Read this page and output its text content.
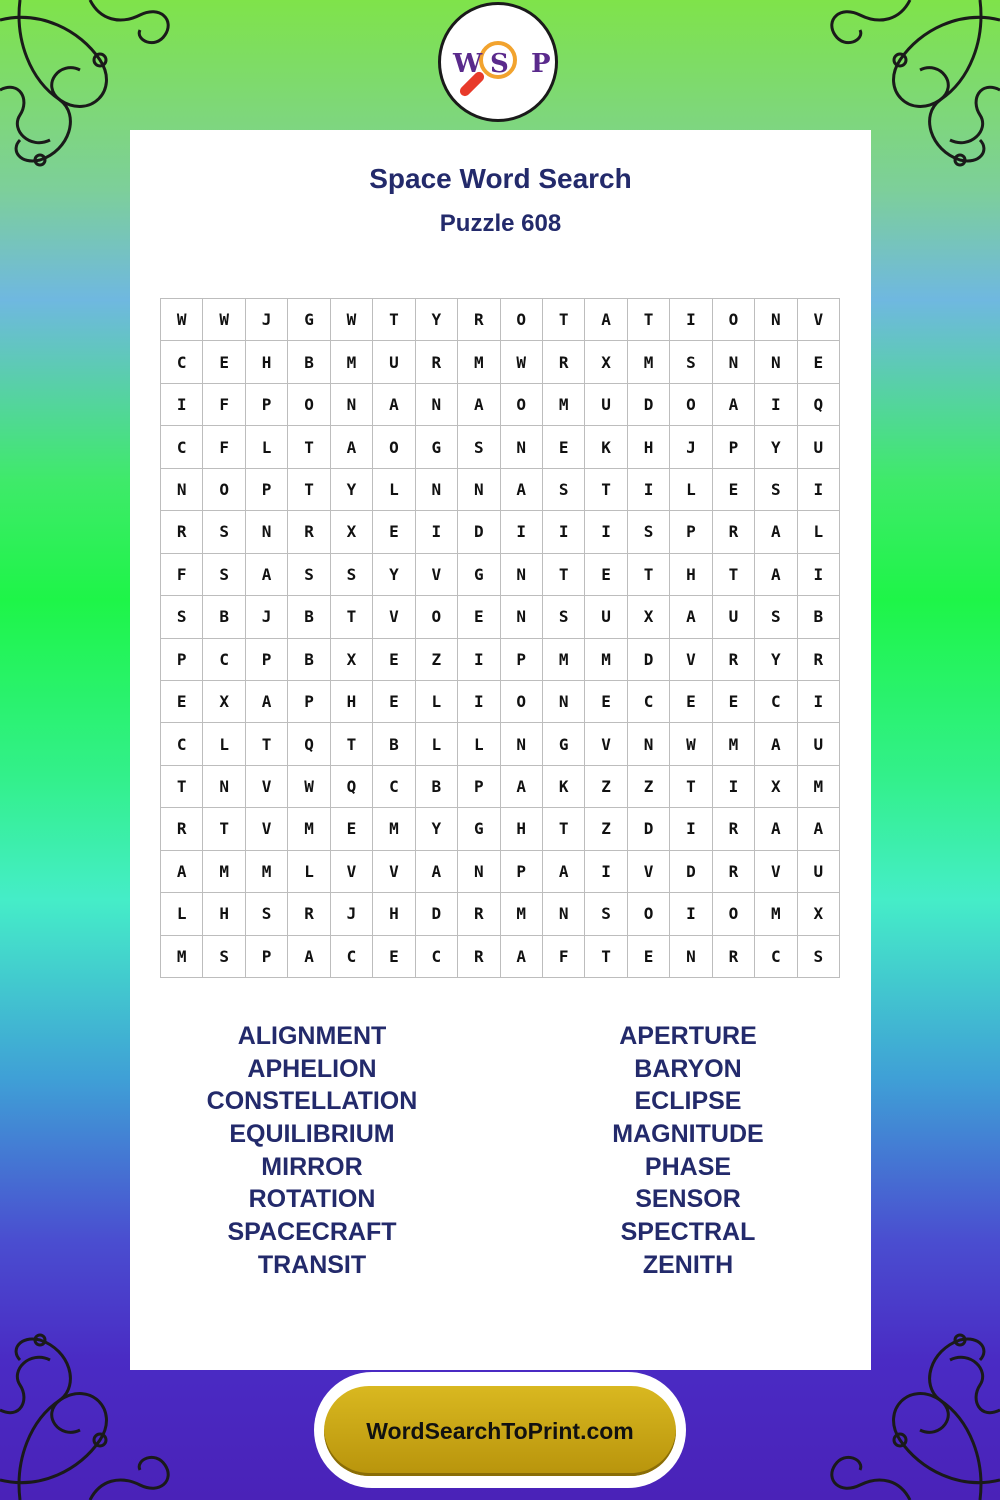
Space Word Search
Puzzle 608
W S P
W	W	J	G	W	T	Y	R	O	T	A	T	I	O	N	V
C	E	H	B	M	U	R	M	W	R	X	M	S	N	N	E
I	F	P	O	N	A	N	A	O	M	U	D	O	A	I	Q
C	F	L	T	A	O	G	S	N	E	K	H	J	P	Y	U
N	O	P	T	Y	L	N	N	A	S	T	I	L	E	S	I
R	S	N	R	X	E	I	D	I	I	I	S	P	R	A	L
F	S	A	S	S	Y	V	G	N	T	E	T	H	T	A	I
S	B	J	B	T	V	O	E	N	S	U	X	A	U	S	B
P	C	P	B	X	E	Z	I	P	M	M	D	V	R	Y	R
E	X	A	P	H	E	L	I	O	N	E	C	E	E	C	I
C	L	T	Q	T	B	L	L	N	G	V	N	W	M	A	U
T	N	V	W	Q	C	B	P	A	K	Z	Z	T	I	X	M
R	T	V	M	E	M	Y	G	H	T	Z	D	I	R	A	A
A	M	M	L	V	V	A	N	P	A	I	V	D	R	V	U
L	H	S	R	J	H	D	R	M	N	S	O	I	O	M	X
M	S	P	A	C	E	C	R	A	F	T	E	N	R	C	S
ALIGNMENT
APHELION
CONSTELLATION
EQUILIBRIUM
MIRROR
ROTATION
SPACECRAFT
TRANSIT
APERTURE
BARYON
ECLIPSE
MAGNITUDE
PHASE
SENSOR
SPECTRAL
ZENITH
WordSearchToPrint.com
